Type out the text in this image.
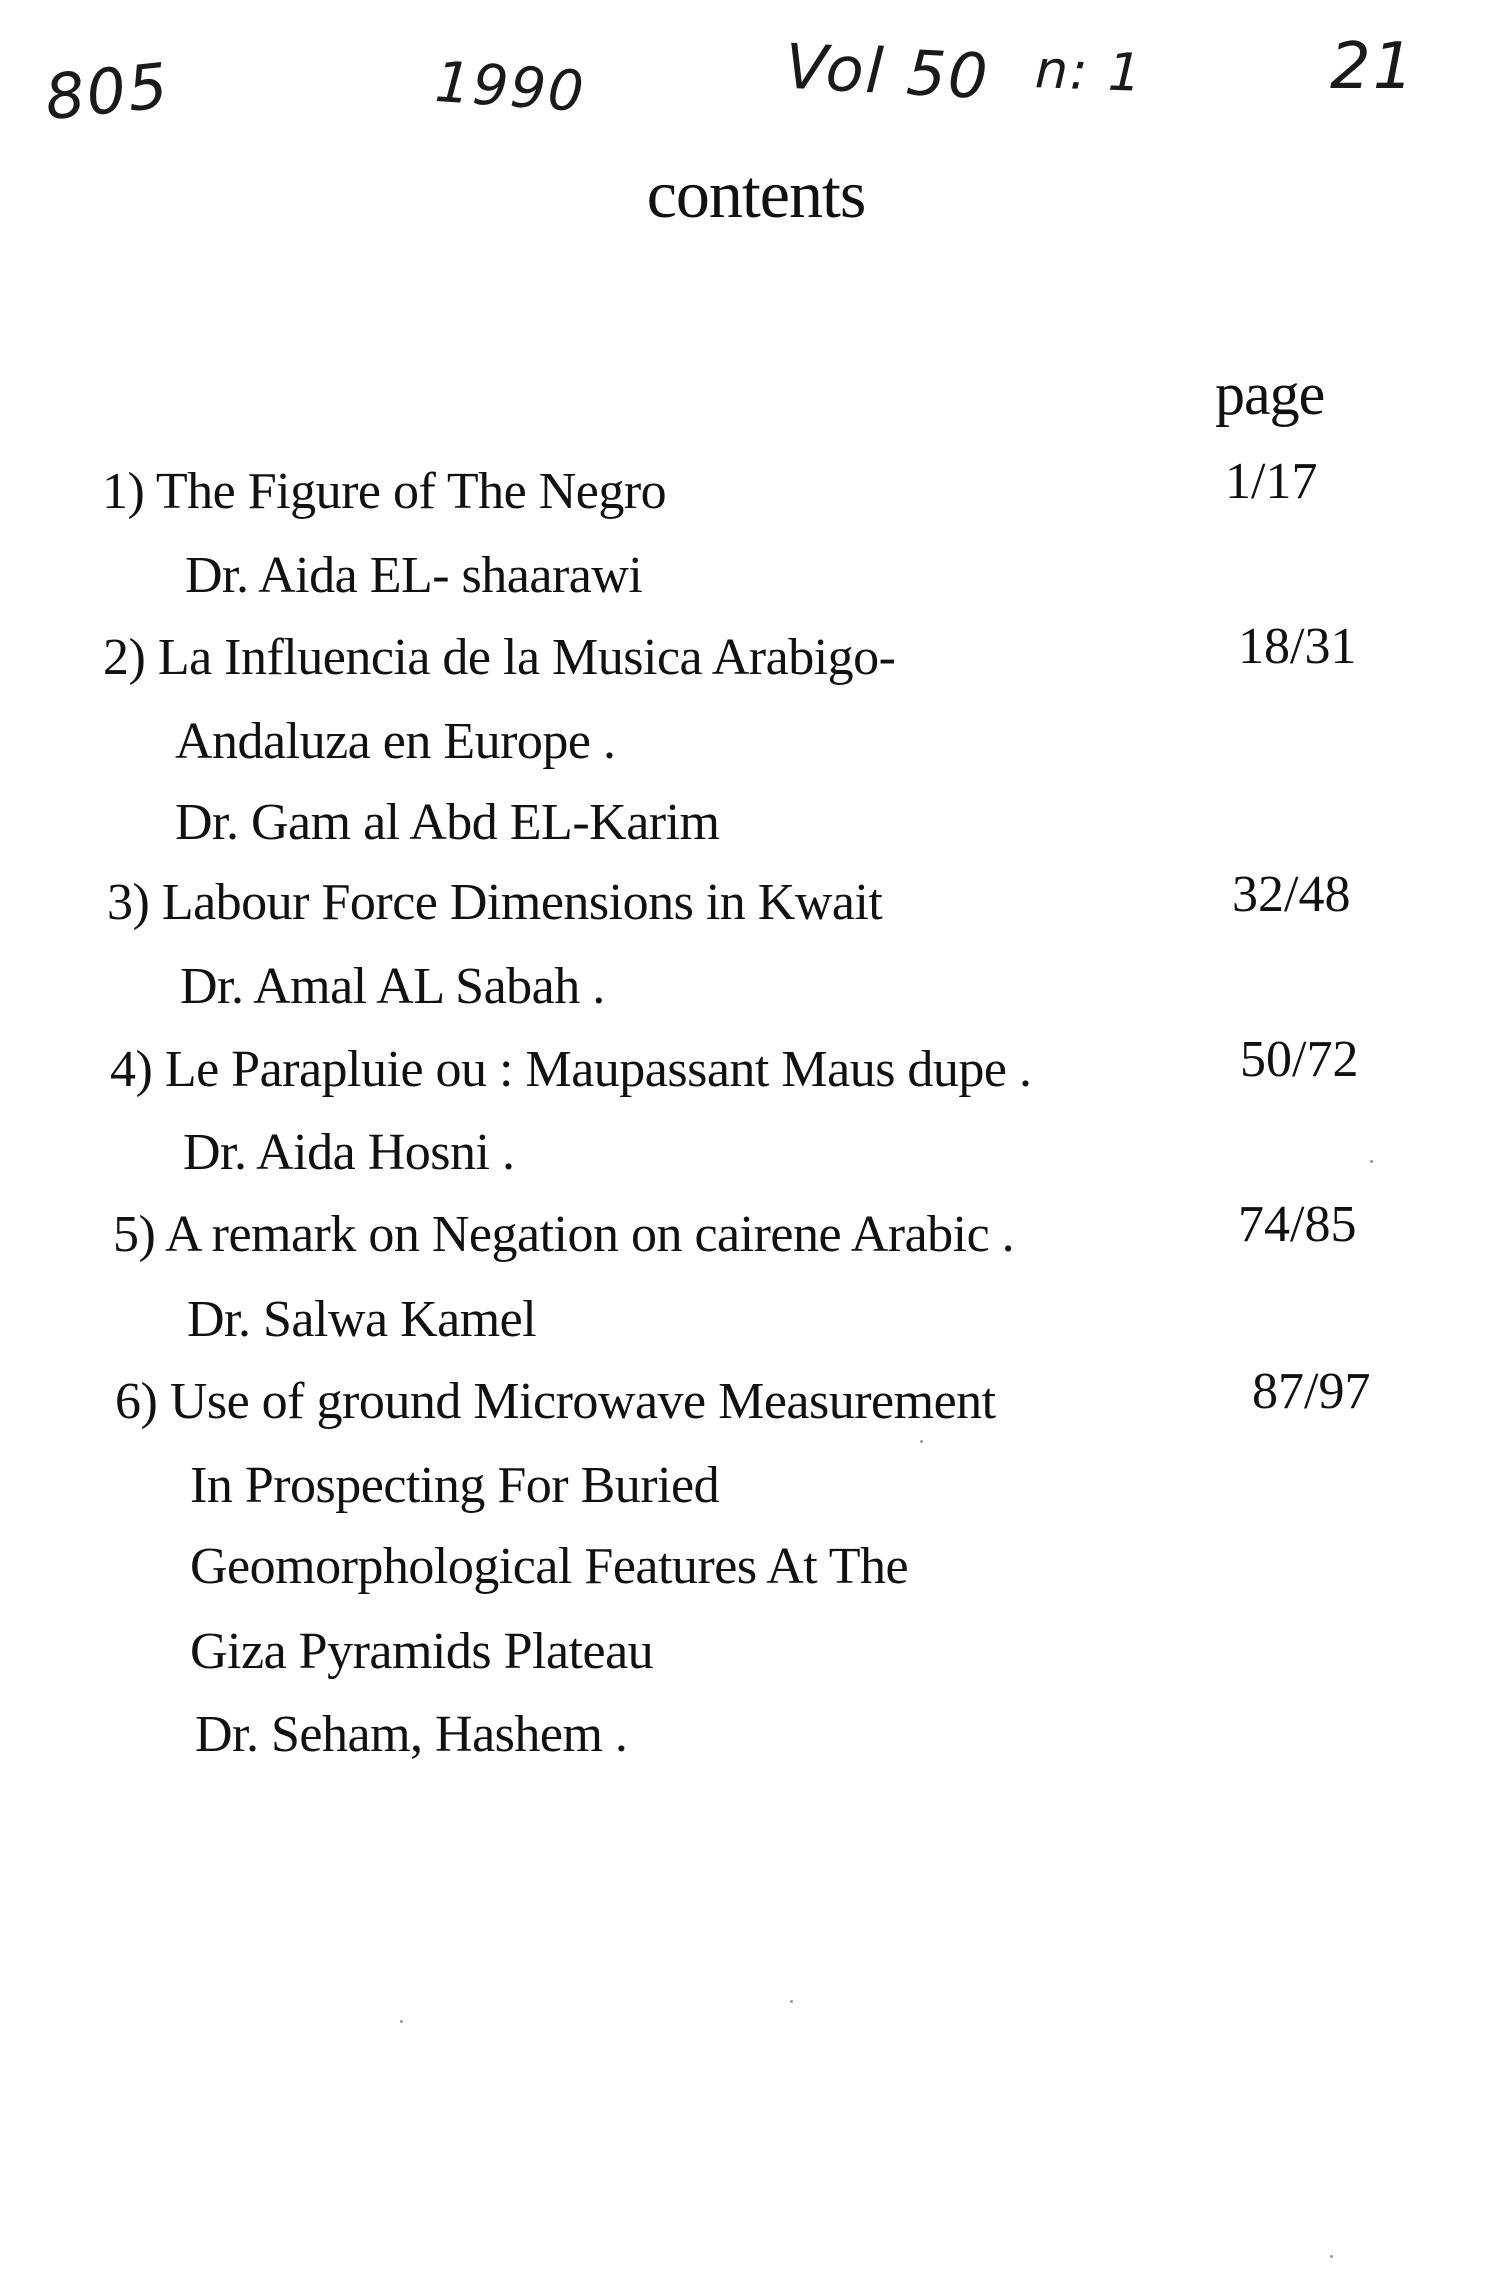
805	1990	Vol 50 n: 1	21
contents
page
1) The Figure of The Negro
Dr. Aida EL- shaarawi
1/17
2) La Influencia de la Musica Arabigo-
Andaluza en Europe .
Dr. Gam al Abd EL-Karim
18/31
3) Labour Force Dimensions in Kwait
Dr. Amal AL Sabah .
32/48
4) Le Parapluie ou : Maupassant Maus dupe .
Dr. Aida Hosni .
50/72
5) A remark on Negation on cairene Arabic .
Dr. Salwa Kamel
74/85
6) Use of ground Microwave Measurement
In Prospecting For Buried
Geomorphological Features At The
Giza Pyramids Plateau
Dr. Seham, Hashem .
87/97
